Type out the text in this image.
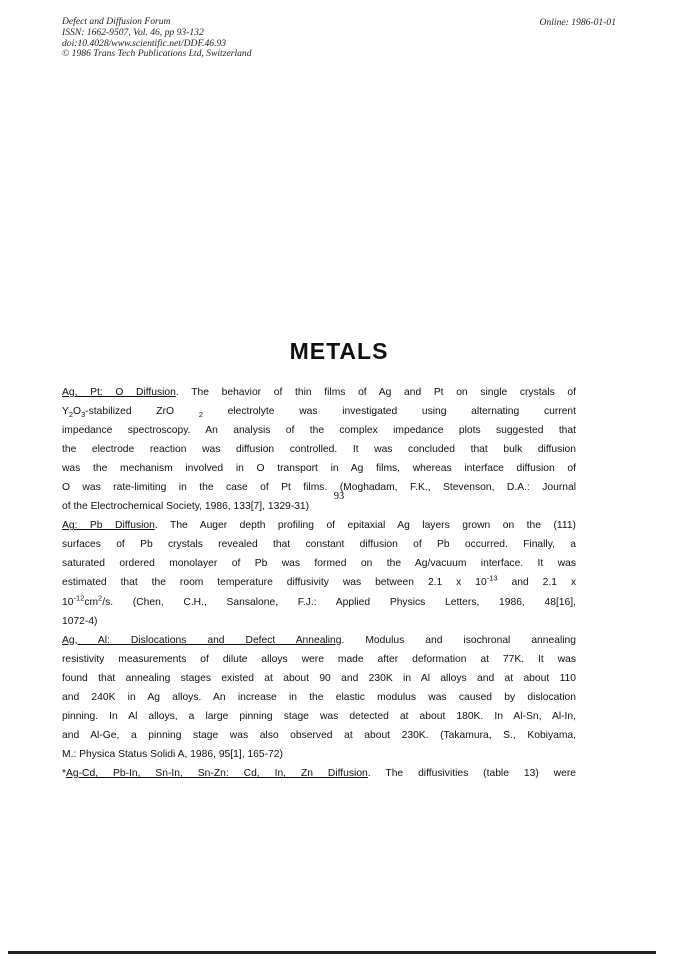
Defect and Diffusion Forum
ISSN: 1662-9507, Vol. 46, pp 93-132
doi:10.4028/www.scientific.net/DDF.46.93
© 1986 Trans Tech Publications Ltd, Switzerland
Online: 1986-01-01
METALS
Ag, Pt: O Diffusion. The behavior of thin films of Ag and Pt on single crystals of
$Y_2O_3$-stabilized ZrO $_2$ electrolyte was investigated using alternating current
impedance spectroscopy. An analysis of the complex impedance plots suggested that
the electrode reaction was diffusion controlled. It was concluded that bulk diffusion
was the mechanism involved in O transport in Ag films, whereas interface diffusion of
O was rate-limiting in the case of Pt films. (Moghadam, F.K., Stevenson, D.A.: Journal
of the Electrochemical Society, 1986, 133[7], 1329-31)
Ag: Pb Diffusion. The Auger depth profiling of epitaxial Ag layers grown on the (111)
surfaces of Pb crystals revealed that constant diffusion of Pb occurred. Finally, a
saturated ordered monolayer of Pb was formed on the Ag/vacuum interface. It was
estimated that the room temperature diffusivity was between 2.1 x $10^{-13}$ and 2.1 x
$10^{-12}cm^2/s$. (Chen, C.H., Sansalone, F.J.: Applied Physics Letters, 1986, 48[16],
1072-4)
Ag, Al: Dislocations and Defect Annealing. Modulus and isochronal annealing
resistivity measurements of dilute alloys were made after deformation at 77K. It was
found that annealing stages existed at about 90 and 230K in Al alloys and at about 110
and 240K in Ag alloys. An increase in the elastic modulus was caused by dislocation
pinning. In Al alloys, a large pinning stage was detected at about 180K. In Al-Sn, Al-In,
and Al-Ge, a pinning stage was also observed at about 230K. (Takamura, S., Kobiyama,
M.: Physica Status Solidi A, 1986, 95[1], 165-72)
*Ag-Cd, Pb-In, Sn-In, Sn-Zn: Cd, In, Zn Diffusion. The diffusivities (table 13) were
93
